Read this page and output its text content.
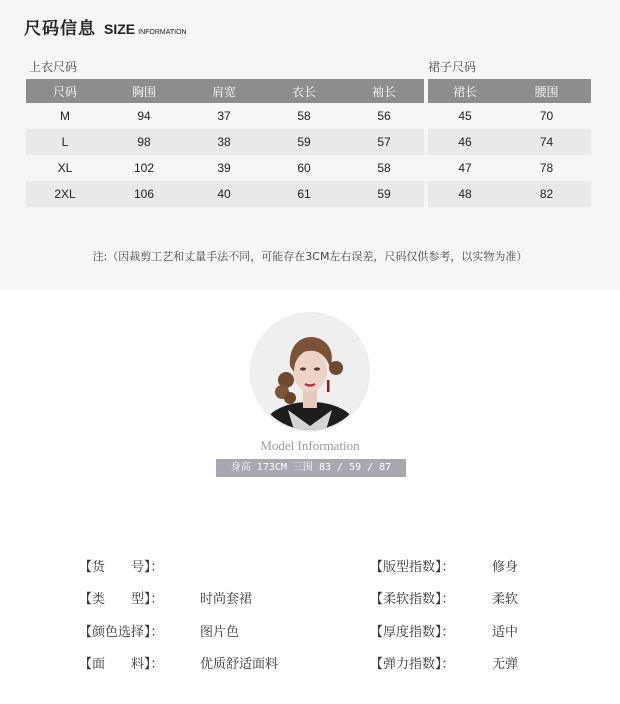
尺码信息 SIZE INFORMATION
上衣尺码	裙子尺码
尺码	胸围	肩宽	衣长	袖长
M	94	37	58	56
L	98	38	59	57
XL	102	39	60	58
2XL	106	40	61	59
裙长	腰围
45	70
46	74
47	78
48	82
注:（因裁剪工艺和丈量手法不同，可能存在3CM左右误差，尺码仅供参考，以实物为准）
Model Information
身高 173CM 三围 83 / 59 / 87
【货　　号】：
【类　　型】：	时尚套裙
【颜色选择】：	图片色
【面　　料】：	优质舒适面料
【版型指数】：	修身
【柔软指数】：	柔软
【厚度指数】：	适中
【弹力指数】：	无弹
